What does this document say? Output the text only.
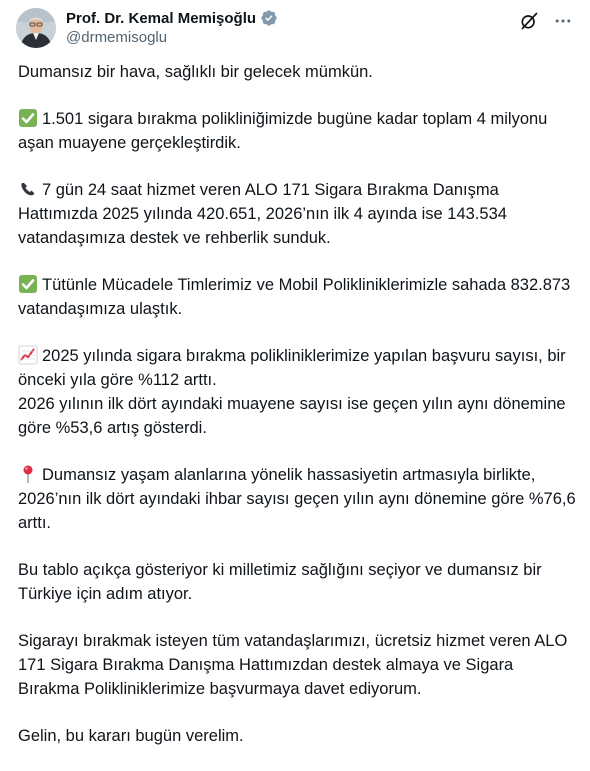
Prof. Dr. Kemal Memişoğlu
@drmemisoglu
Dumansız bir hava, sağlıklı bir gelecek mümkün.
1.501 sigara bırakma polikliniğimizde bugüne kadar toplam 4 milyonu aşan muayene gerçekleştirdik.
7 gün 24 saat hizmet veren ALO 171 Sigara Bırakma Danışma Hattımızda 2025 yılında 420.651, 2026’nın ilk 4 ayında ise 143.534 vatandaşımıza destek ve rehberlik sunduk.
Tütünle Mücadele Timlerimiz ve Mobil Polikliniklerimizle sahada 832.873 vatandaşımıza ulaştık.
2025 yılında sigara bırakma polikliniklerimize yapılan başvuru sayısı, bir önceki yıla göre %112 arttı.
2026 yılının ilk dört ayındaki muayene sayısı ise geçen yılın aynı dönemine göre %53,6 artış gösterdi.
Dumansız yaşam alanlarına yönelik hassasiyetin artmasıyla birlikte, 2026’nın ilk dört ayındaki ihbar sayısı geçen yılın aynı dönemine göre %76,6 arttı.
Bu tablo açıkça gösteriyor ki milletimiz sağlığını seçiyor ve dumansız bir Türkiye için adım atıyor.
Sigarayı bırakmak isteyen tüm vatandaşlarımızı, ücretsiz hizmet veren ALO 171 Sigara Bırakma Danışma Hattımızdan destek almaya ve Sigara Bırakma Polikliniklerimize başvurmaya davet ediyorum.
Gelin, bu kararı bugün verelim.
